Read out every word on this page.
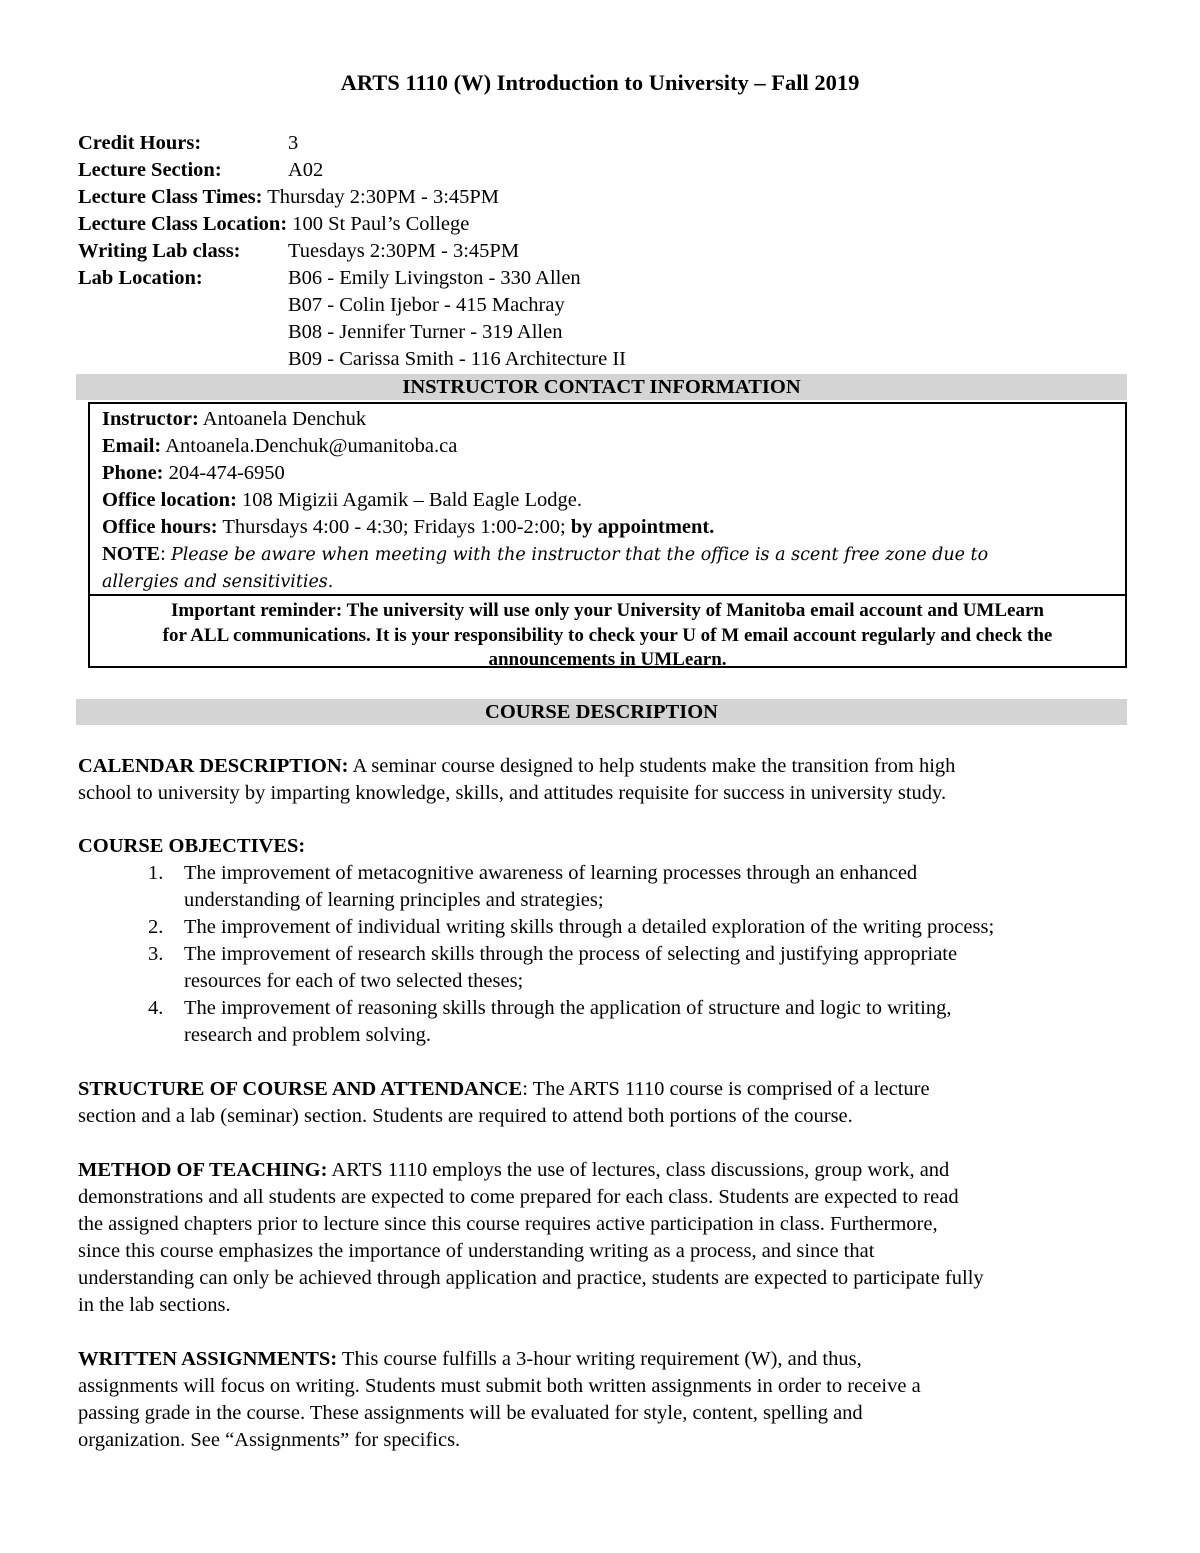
ARTS 1110 (W) Introduction to University – Fall 2019
Credit Hours:	3
Lecture Section:	A02
Lecture Class Times: Thursday 2:30PM - 3:45PM
Lecture Class Location: 100 St Paul’s College
Writing Lab class:	Tuesdays 2:30PM - 3:45PM
Lab Location:	B06 - Emily Livingston - 330 Allen
B07 - Colin Ijebor - 415 Machray
B08 - Jennifer Turner - 319 Allen
B09 - Carissa Smith - 116 Architecture II
INSTRUCTOR CONTACT INFORMATION
Instructor: Antoanela Denchuk
Email: Antoanela.Denchuk@umanitoba.ca
Phone: 204-474-6950
Office location: 108 Migizii Agamik – Bald Eagle Lodge.
Office hours: Thursdays 4:00 - 4:30; Fridays 1:00-2:00; by appointment.
NOTE: Please be aware when meeting with the instructor that the office is a scent free zone due to
allergies and sensitivities.
Important reminder: The university will use only your University of Manitoba email account and UMLearn
for ALL communications. It is your responsibility to check your U of M email account regularly and check the
announcements in UMLearn.
COURSE DESCRIPTION

CALENDAR DESCRIPTION: A seminar course designed to help students make the transition from high

school to university by imparting knowledge, skills, and attitudes requisite for success in university study.

COURSE OBJECTIVES:

1. The improvement of metacognitive awareness of learning processes through an enhanced
understanding of learning principles and strategies;
2. The improvement of individual writing skills through a detailed exploration of the writing process;
3. The improvement of research skills through the process of selecting and justifying appropriate
resources for each of two selected theses;
4. The improvement of reasoning skills through the application of structure and logic to writing,
research and problem solving.

STRUCTURE OF COURSE AND ATTENDANCE: The ARTS 1110 course is comprised of a lecture

section and a lab (seminar) section. Students are required to attend both portions of the course.

METHOD OF TEACHING: ARTS 1110 employs the use of lectures, class discussions, group work, and

demonstrations and all students are expected to come prepared for each class. Students are expected to read

the assigned chapters prior to lecture since this course requires active participation in class. Furthermore,

since this course emphasizes the importance of understanding writing as a process, and since that

understanding can only be achieved through application and practice, students are expected to participate fully

in the lab sections.

WRITTEN ASSIGNMENTS: This course fulfills a 3-hour writing requirement (W), and thus,

assignments will focus on writing. Students must submit both written assignments in order to receive a

passing grade in the course. These assignments will be evaluated for style, content, spelling and

organization. See “Assignments” for specifics.
